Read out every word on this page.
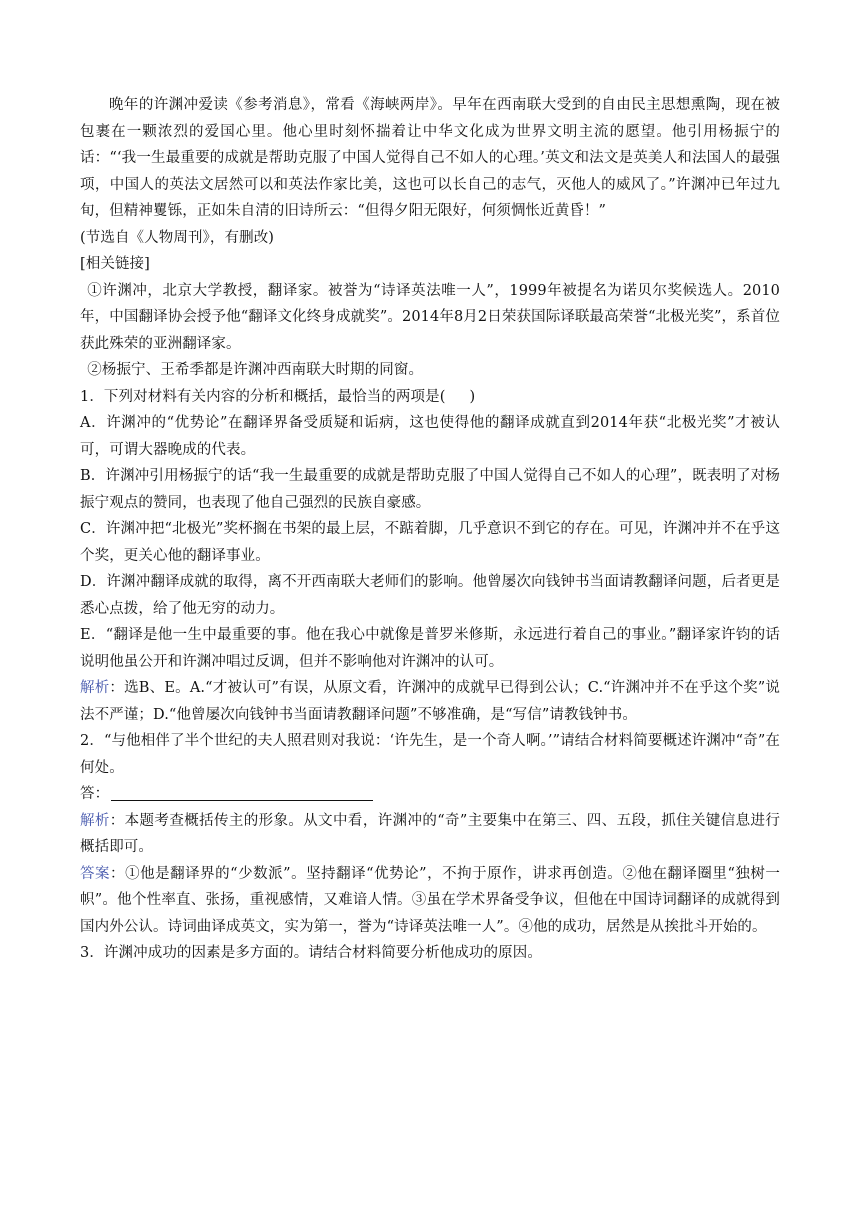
晚年的许渊冲爱读《参考消息》，常看《海峡两岸》。早年在西南联大受到的自由民主思想熏陶，现在被包裹在一颗浓烈的爱国心里。他心里时刻怀揣着让中华文化成为世界文明主流的愿望。他引用杨振宁的话：“‘我一生最重要的成就是帮助克服了中国人觉得自己不如人的心理。’英文和法文是英美人和法国人的最强项，中国人的英法文居然可以和英法作家比美，这也可以长自己的志气，灭他人的威风了。”许渊冲已年过九旬，但精神矍铄，正如朱自清的旧诗所云：“但得夕阳无限好，何须惆怅近黄昏！”

(节选自《人物周刊》，有删改)

[相关链接]

①许渊冲，北京大学教授，翻译家。被誉为“诗译英法唯一人”，1999年被提名为诺贝尔奖候选人。2010年，中国翻译协会授予他“翻译文化终身成就奖”。2014年8月2日荣获国际译联最高荣誉“北极光奖”，系首位获此殊荣的亚洲翻译家。

②杨振宁、王希季都是许渊冲西南联大时期的同窗。

1．下列对材料有关内容的分析和概括，最恰当的两项是( )

A．许渊冲的“优势论”在翻译界备受质疑和诟病，这也使得他的翻译成就直到2014年获“北极光奖”才被认可，可谓大器晚成的代表。

B．许渊冲引用杨振宁的话“我一生最重要的成就是帮助克服了中国人觉得自己不如人的心理”，既表明了对杨振宁观点的赞同，也表现了他自己强烈的民族自豪感。

C．许渊冲把“北极光”奖杯搁在书架的最上层，不踮着脚，几乎意识不到它的存在。可见，许渊冲并不在乎这个奖，更关心他的翻译事业。

D．许渊冲翻译成就的取得，离不开西南联大老师们的影响。他曾屡次向钱钟书当面请教翻译问题，后者更是悉心点拨，给了他无穷的动力。

E．“翻译是他一生中最重要的事。他在我心中就像是普罗米修斯，永远进行着自己的事业。”翻译家许钧的话说明他虽公开和许渊冲唱过反调，但并不影响他对许渊冲的认可。

解析：选B、E。A.“才被认可”有误，从原文看，许渊冲的成就早已得到公认；C.“许渊冲并不在乎这个奖”说法不严谨；D.“他曾屡次向钱钟书当面请教翻译问题”不够准确，是“写信”请教钱钟书。

2．“与他相伴了半个世纪的夫人照君则对我说：‘许先生，是一个奇人啊。’”请结合材料简要概述许渊冲“奇”在何处。

答：

解析：本题考查概括传主的形象。从文中看，许渊冲的“奇”主要集中在第三、四、五段，抓住关键信息进行概括即可。

答案：①他是翻译界的“少数派”。坚持翻译“优势论”，不拘于原作，讲求再创造。②他在翻译圈里“独树一帜”。他个性率直、张扬，重视感情，又难谙人情。③虽在学术界备受争议，但他在中国诗词翻译的成就得到国内外公认。诗词曲译成英文，实为第一，誉为“诗译英法唯一人”。④他的成功，居然是从挨批斗开始的。

3．许渊冲成功的因素是多方面的。请结合材料简要分析他成功的原因。
